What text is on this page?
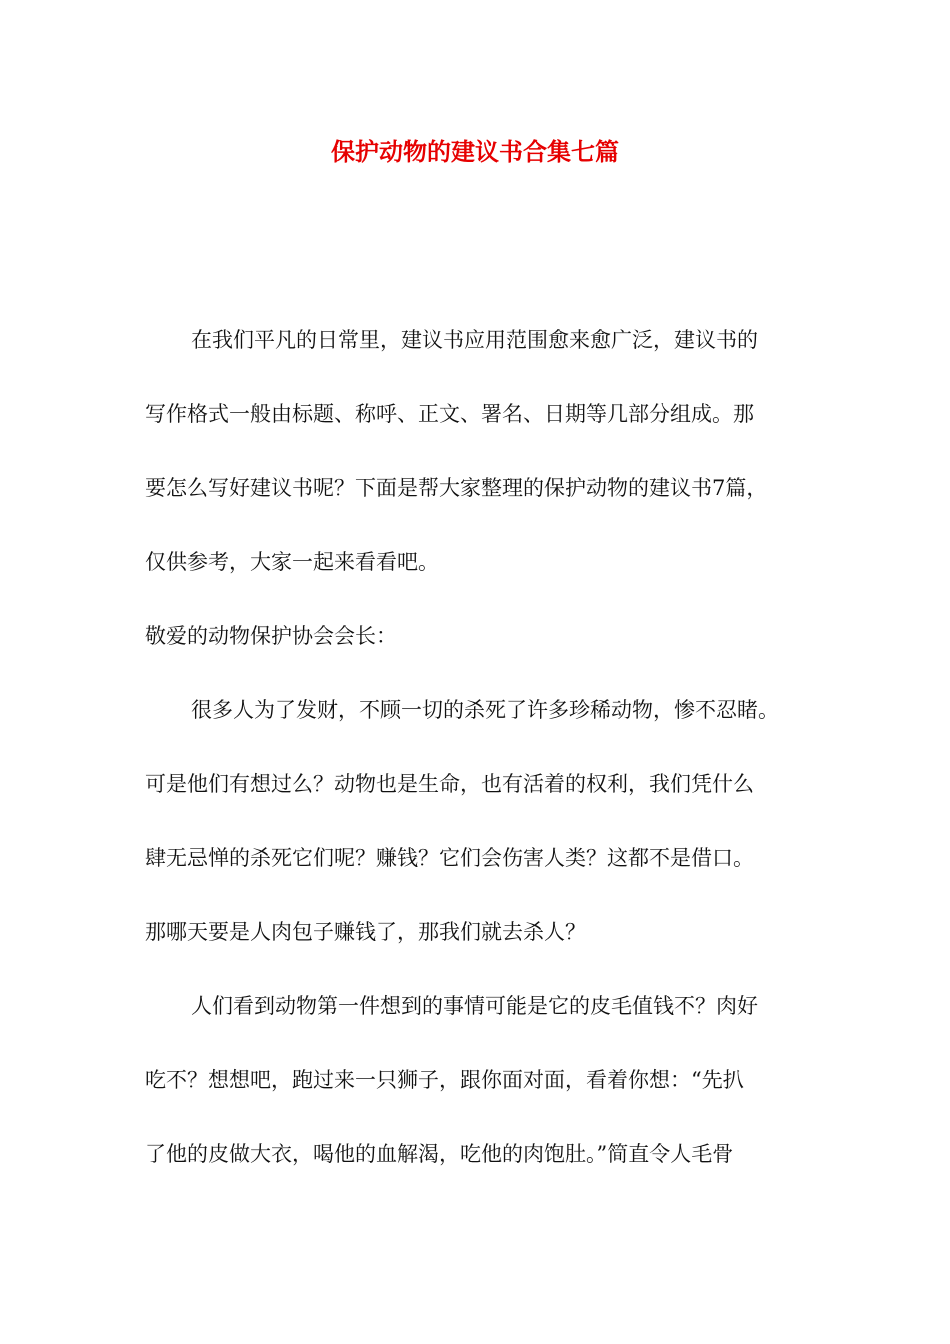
保护动物的建议书合集七篇
在我们平凡的日常里，建议书应用范围愈来愈广泛，建议书的
写作格式一般由标题、称呼、正文、署名、日期等几部分组成。那
要怎么写好建议书呢？下面是帮大家整理的保护动物的建议书7篇，
仅供参考，大家一起来看看吧。
敬爱的动物保护协会会长：
很多人为了发财，不顾一切的杀死了许多珍稀动物，惨不忍睹。
可是他们有想过么？动物也是生命，也有活着的权利，我们凭什么
肆无忌惮的杀死它们呢？赚钱？它们会伤害人类？这都不是借口。
那哪天要是人肉包子赚钱了，那我们就去杀人？
人们看到动物第一件想到的事情可能是它的皮毛值钱不？肉好
吃不？想想吧，跑过来一只狮子，跟你面对面，看着你想：“先扒
了他的皮做大衣，喝他的血解渴，吃他的肉饱肚。”简直令人毛骨
